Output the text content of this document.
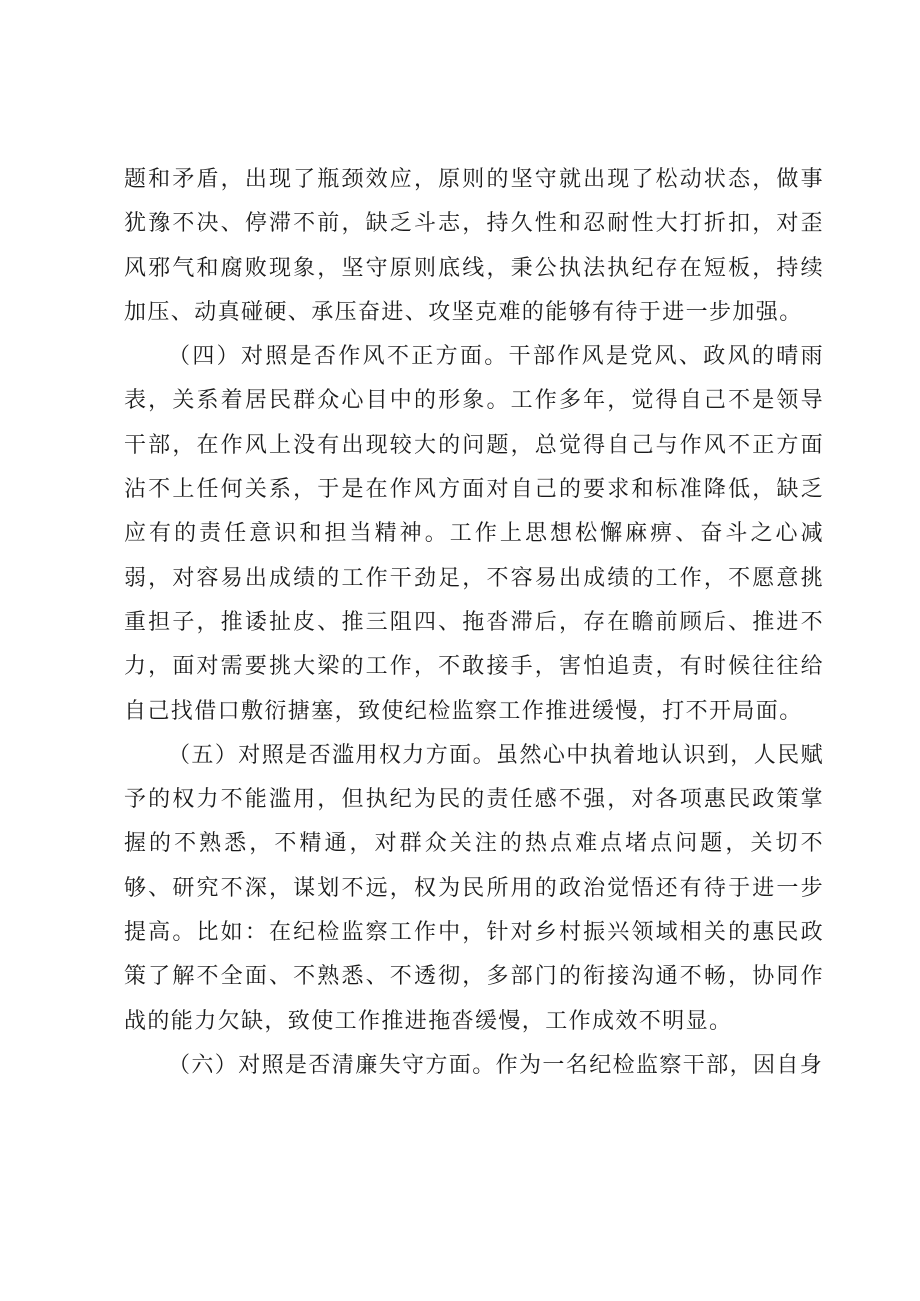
题和矛盾，出现了瓶颈效应，原则的坚守就出现了松动状态，做事犹豫不决、停滞不前，缺乏斗志，持久性和忍耐性大打折扣，对歪风邪气和腐败现象，坚守原则底线，秉公执法执纪存在短板，持续加压、动真碰硬、承压奋进、攻坚克难的能够有待于进一步加强。

（四）对照是否作风不正方面。干部作风是党风、政风的晴雨表，关系着居民群众心目中的形象。工作多年，觉得自己不是领导干部，在作风上没有出现较大的问题，总觉得自己与作风不正方面沾不上任何关系，于是在作风方面对自己的要求和标准降低，缺乏应有的责任意识和担当精神。工作上思想松懈麻痹、奋斗之心减弱，对容易出成绩的工作干劲足，不容易出成绩的工作，不愿意挑重担子，推诿扯皮、推三阻四、拖沓滞后，存在瞻前顾后、推进不力，面对需要挑大梁的工作，不敢接手，害怕追责，有时候往往给自己找借口敷衍搪塞，致使纪检监察工作推进缓慢，打不开局面。

（五）对照是否滥用权力方面。虽然心中执着地认识到，人民赋予的权力不能滥用，但执纪为民的责任感不强，对各项惠民政策掌握的不熟悉，不精通，对群众关注的热点难点堵点问题，关切不够、研究不深，谋划不远，权为民所用的政治觉悟还有待于进一步提高。比如：在纪检监察工作中，针对乡村振兴领域相关的惠民政策了解不全面、不熟悉、不透彻，多部门的衔接沟通不畅，协同作战的能力欠缺，致使工作推进拖沓缓慢，工作成效不明显。

（六）对照是否清廉失守方面。作为一名纪检监察干部，因自身
